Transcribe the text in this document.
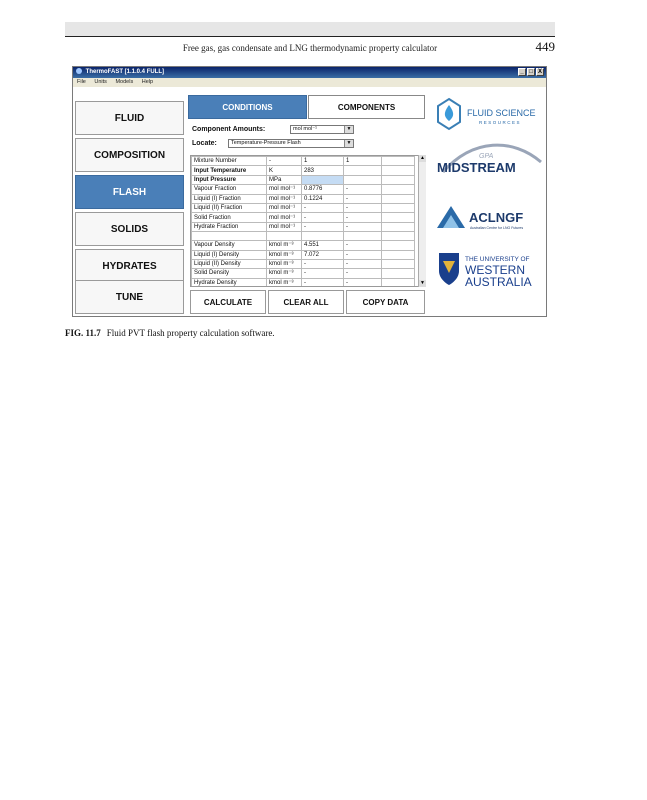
Free gas, gas condensate and LNG thermodynamic property calculator	449
ThermoFAST [1.1.0.4 FULL]	_ □ X
File Units Models Help
FLUID
COMPOSITION
FLASH
SOLIDS
HYDRATES
TUNE
CONDITIONS	COMPONENTS
Component Amounts:	mol mol⁻¹	▼
Locate:	Temperature-Pressure Flash	▼
Mixture Number	-	1	1	
Input Temperature	K	283		
Input Pressure	MPa			
Vapour Fraction	mol mol⁻¹	0.8776	-	
Liquid (I) Fraction	mol mol⁻¹	0.1224	-	
Liquid (II) Fraction	mol mol⁻¹	-	-	
Solid Fraction	mol mol⁻¹	-	-	
Hydrate Fraction	mol mol⁻¹	-	-	

Vapour Density	kmol m⁻³	4.551	-	
Liquid (I) Density	kmol m⁻³	7.072	-	
Liquid (II) Density	kmol m⁻³	-	-	
Solid Density	kmol m⁻³	-	-	
Hydrate Density	kmol m⁻³	-	-	
▲
▼
CALCULATE	CLEAR ALL	COPY DATA
FLUID SCIENCE
RESOURCES
GPA
MIDSTREAM
ACLNGF
Australian Centre for LNG Futures
THE UNIVERSITY OF
WESTERN
AUSTRALIA
FIG. 11.7 Fluid PVT flash property calculation software.
